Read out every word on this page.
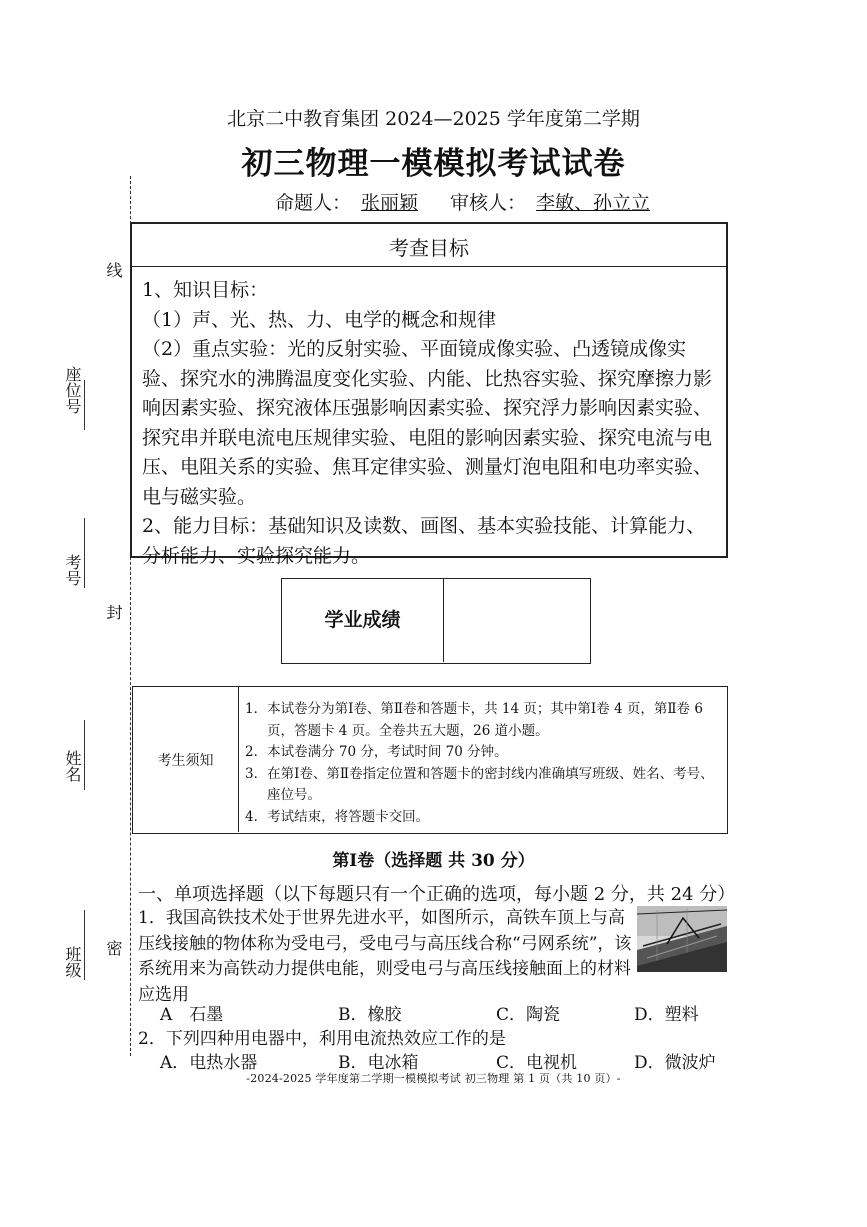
北京二中教育集团 2024—2025 学年度第二学期
初三物理一模模拟考试试卷
命题人： 张丽颖 审核人： 李敏、孙立立
线
座位号
考号
封
姓名
班级 密
考查目标

1、知识目标：

（1）声、光、热、力、电学的概念和规律

（2）重点实验：光的反射实验、平面镜成像实验、凸透镜成像实验、探究水的沸腾温度变化实验、内能、比热容实验、探究摩擦力影响因素实验、探究液体压强影响因素实验、探究浮力影响因素实验、探究串并联电流电压规律实验、电阻的影响因素实验、探究电流与电压、电阻关系的实验、焦耳定律实验、测量灯泡电阻和电功率实验、电与磁实验。

2、能力目标：基础知识及读数、画图、基本实验技能、计算能力、分析能力、实验探究能力。

学业成绩
考生须知
1．本试卷分为第Ⅰ卷、第Ⅱ卷和答题卡，共 14 页；其中第Ⅰ卷 4 页，第Ⅱ卷 6 页，答题卡 4 页。全卷共五大题，26 道小题。
2．本试卷满分 70 分，考试时间 70 分钟。
3．在第Ⅰ卷、第Ⅱ卷指定位置和答题卡的密封线内准确填写班级、姓名、考号、座位号。
4．考试结束，将答题卡交回。
第Ⅰ卷（选择题 共 30 分）
一、单项选择题（以下每题只有一个正确的选项，每小题 2 分，共 24 分）
1．我国高铁技术处于世界先进水平，如图所示，高铁车顶上与高压线接触的物体称为受电弓，受电弓与高压线合称“弓网系统”，该系统用来为高铁动力提供电能，则受电弓与高压线接触面上的材料应选用
A　石墨	B．橡胶	C．陶瓷	D．塑料
2．下列四种用电器中，利用电流热效应工作的是
A．电热水器	B．电冰箱	C．电视机	D．微波炉
-2024-2025 学年度第二学期一模模拟考试 初三物理 第 1 页（共 10 页）-
